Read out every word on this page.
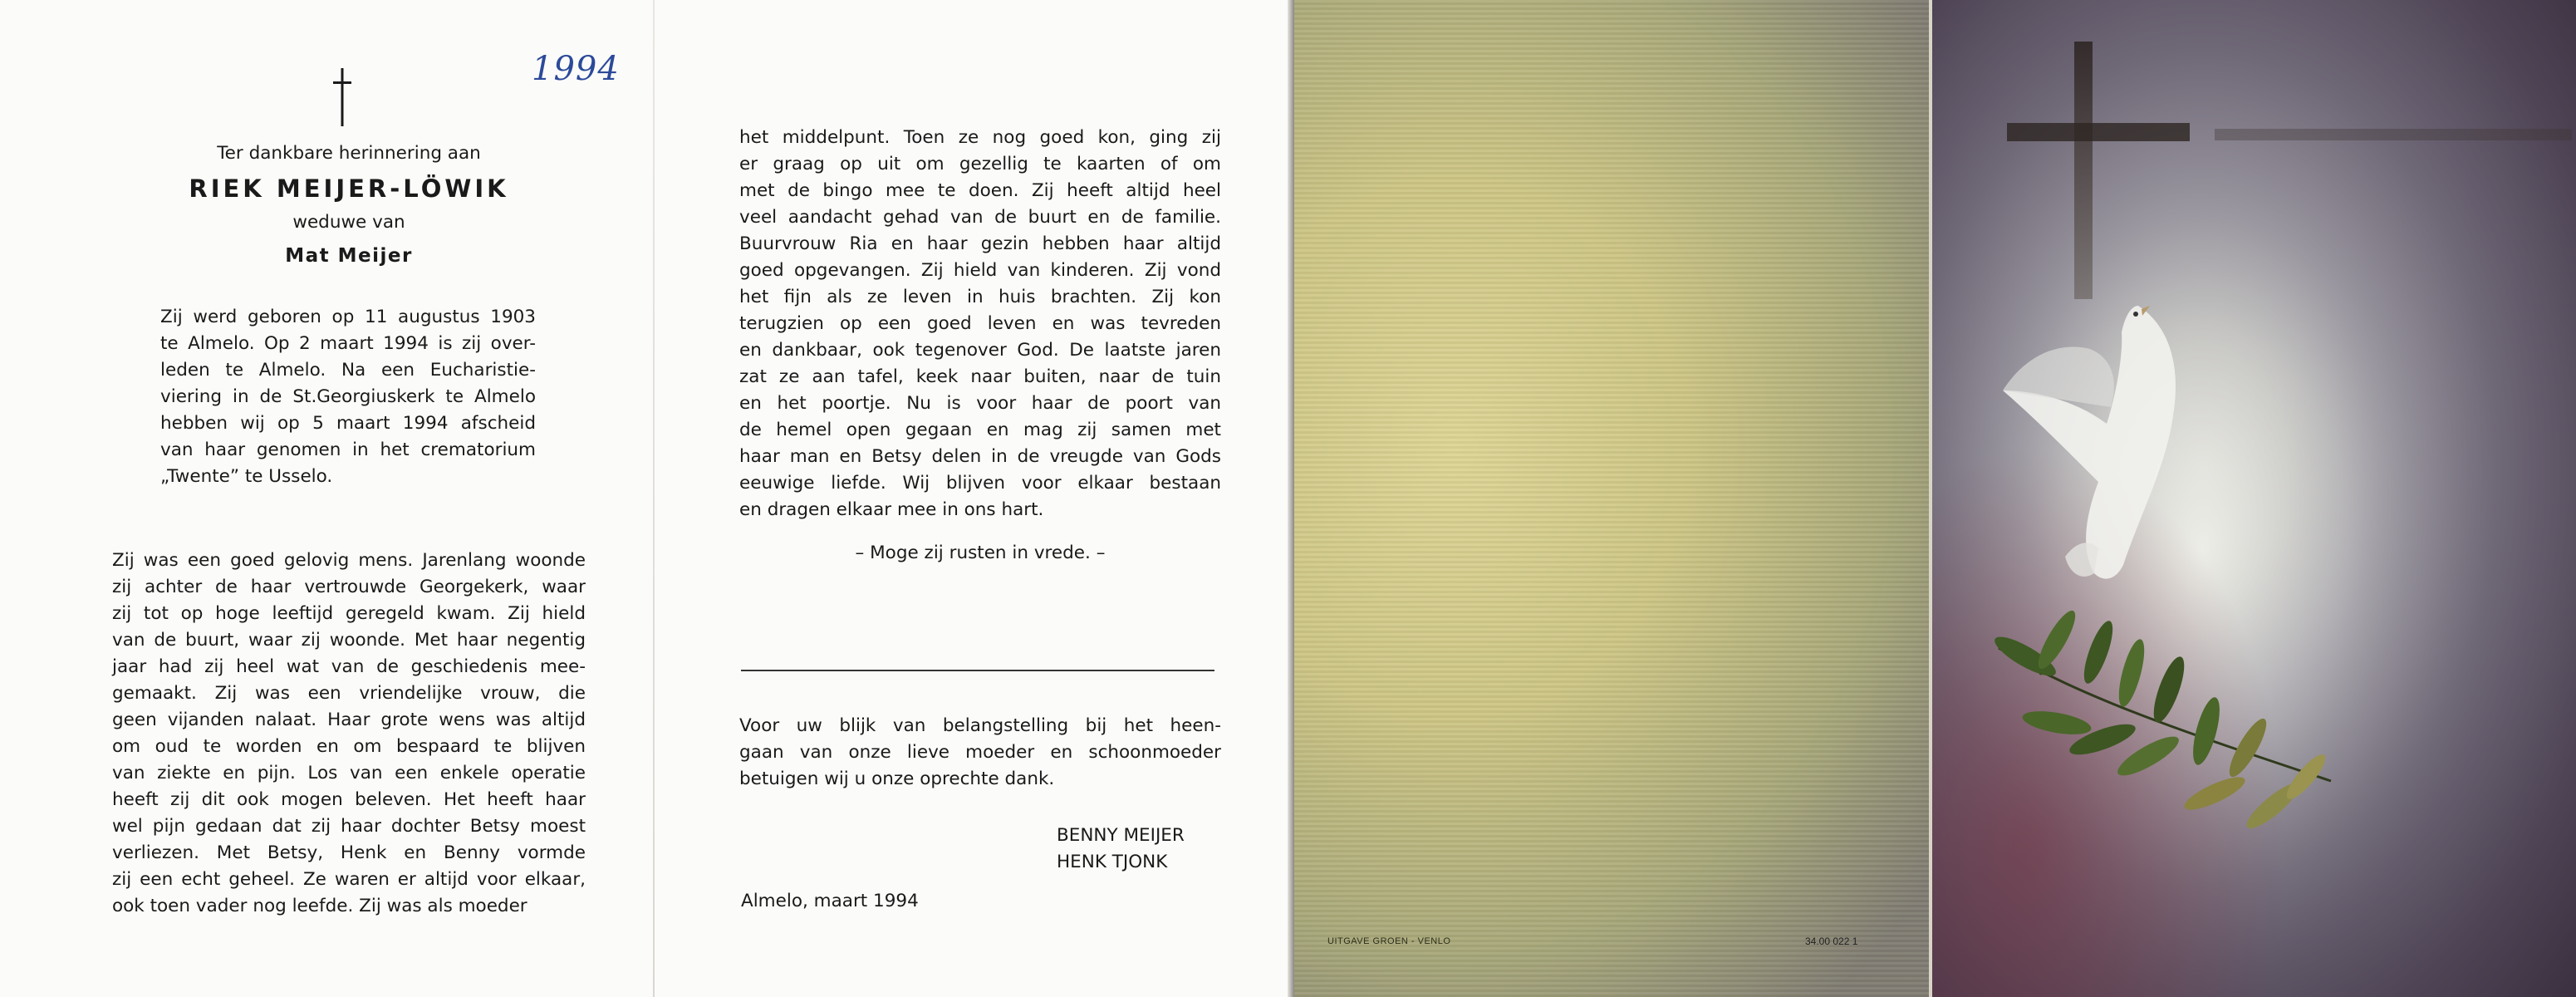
1994
Ter dankbare herinnering aan
RIEK MEIJER-LÖWIK
weduwe van
Mat Meijer
Zij werd geboren op 11 augustus 1903
te Almelo. Op 2 maart 1994 is zij over-
leden te Almelo. Na een Eucharistie-
viering in de St.Georgiuskerk te Almelo
hebben wij op 5 maart 1994 afscheid
van haar genomen in het crematorium
„Twente” te Usselo.
Zij was een goed gelovig mens. Jarenlang woonde
zij achter de haar vertrouwde Georgekerk, waar
zij tot op hoge leeftijd geregeld kwam. Zij hield
van de buurt, waar zij woonde. Met haar negentig
jaar had zij heel wat van de geschiedenis mee-
gemaakt. Zij was een vriendelijke vrouw, die
geen vijanden nalaat. Haar grote wens was altijd
om oud te worden en om bespaard te blijven
van ziekte en pijn. Los van een enkele operatie
heeft zij dit ook mogen beleven. Het heeft haar
wel pijn gedaan dat zij haar dochter Betsy moest
verliezen. Met Betsy, Henk en Benny vormde
zij een echt geheel. Ze waren er altijd voor elkaar,
ook toen vader nog leefde. Zij was als moeder
het middelpunt. Toen ze nog goed kon, ging zij
er graag op uit om gezellig te kaarten of om
met de bingo mee te doen. Zij heeft altijd heel
veel aandacht gehad van de buurt en de familie.
Buurvrouw Ria en haar gezin hebben haar altijd
goed opgevangen. Zij hield van kinderen. Zij vond
het fijn als ze leven in huis brachten. Zij kon
terugzien op een goed leven en was tevreden
en dankbaar, ook tegenover God. De laatste jaren
zat ze aan tafel, keek naar buiten, naar de tuin
en het poortje. Nu is voor haar de poort van
de hemel open gegaan en mag zij samen met
haar man en Betsy delen in de vreugde van Gods
eeuwige liefde. Wij blijven voor elkaar bestaan
en dragen elkaar mee in ons hart.
– Moge zij rusten in vrede. –
Voor uw blijk van belangstelling bij het heen-
gaan van onze lieve moeder en schoonmoeder
betuigen wij u onze oprechte dank.
BENNY MEIJER
HENK TJONK
Almelo, maart 1994
UITGAVE GROEN - VENLO	34.00 022 1
